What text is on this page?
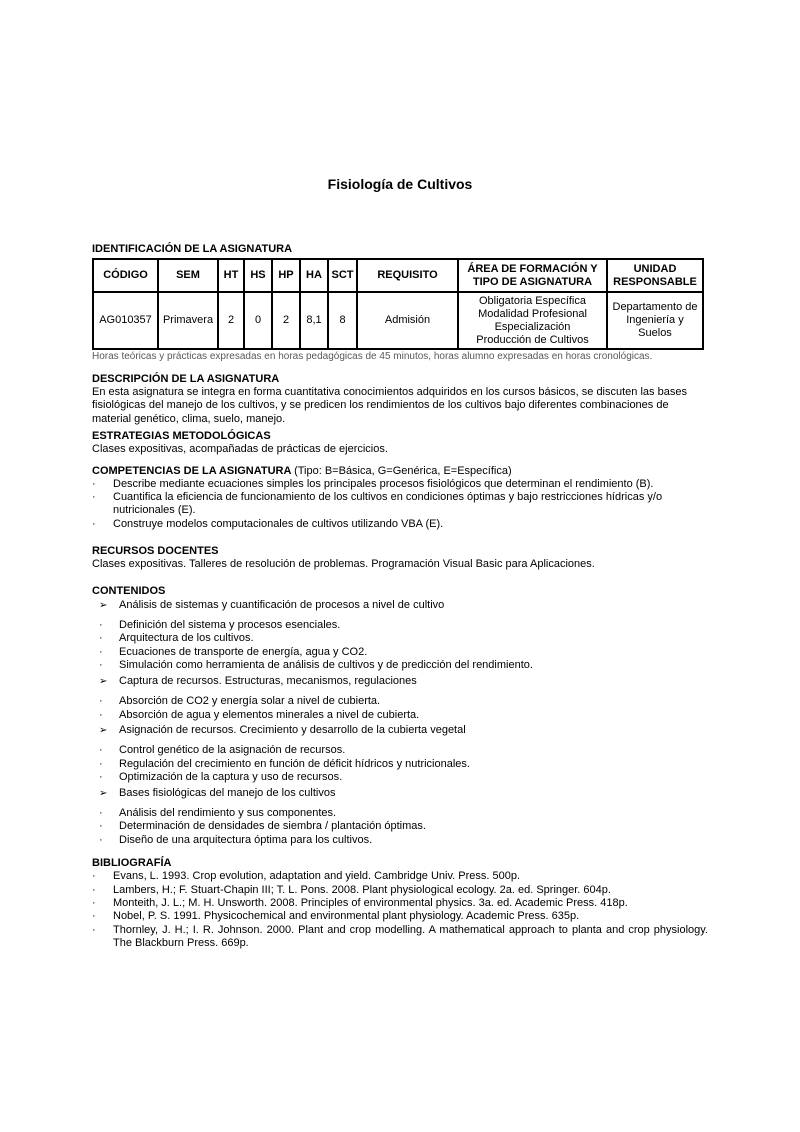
Fisiología de Cultivos
IDENTIFICACIÓN DE LA ASIGNATURA
CÓDIGO	SEM	HT	HS	HP	HA	SCT	REQUISITO	ÁREA DE FORMACIÓN Y TIPO DE ASIGNATURA	UNIDAD RESPONSABLE
AG010357	Primavera	2	0	2	8,1	8	Admisión	Obligatoria Específica
Modalidad Profesional
Especialización
Producción de Cultivos	Departamento de Ingeniería y Suelos
Horas teóricas y prácticas expresadas en horas pedagógicas de 45 minutos, horas alumno expresadas en horas cronológicas.
DESCRIPCIÓN DE LA ASIGNATURA

En esta asignatura se integra en forma cuantitativa conocimientos adquiridos en los cursos básicos, se discuten las bases fisiológicas del manejo de los cultivos, y se predicen los rendimientos de los cultivos bajo diferentes combinaciones de material genético, clima, suelo, manejo.

ESTRATEGIAS METODOLÓGICAS

Clases expositivas, acompañadas de prácticas de ejercicios.

COMPETENCIAS DE LA ASIGNATURA (Tipo: B=Básica, G=Genérica, E=Específica)
· Describe mediante ecuaciones simples los principales procesos fisiológicos que determinan el rendimiento (B).
· Cuantifica la eficiencia de funcionamiento de los cultivos en condiciones óptimas y bajo restricciones hídricas y/o nutricionales (E).
· Construye modelos computacionales de cultivos utilizando VBA (E).
RECURSOS DOCENTES

Clases expositivas. Talleres de resolución de problemas. Programación Visual Basic para Aplicaciones.

CONTENIDOS
➢ Análisis de sistemas y cuantificación de procesos a nivel de cultivo
· Definición del sistema y procesos esenciales.
· Arquitectura de los cultivos.
· Ecuaciones de transporte de energía, agua y CO2.
· Simulación como herramienta de análisis de cultivos y de predicción del rendimiento.
➢ Captura de recursos. Estructuras, mecanismos, regulaciones
· Absorción de CO2 y energía solar a nivel de cubierta.
· Absorción de agua y elementos minerales a nivel de cubierta.
➢ Asignación de recursos. Crecimiento y desarrollo de la cubierta vegetal
· Control genético de la asignación de recursos.
· Regulación del crecimiento en función de déficit hídricos y nutricionales.
· Optimización de la captura y uso de recursos.
➢ Bases fisiológicas del manejo de los cultivos
· Análisis del rendimiento y sus componentes.
· Determinación de densidades de siembra / plantación óptimas.
· Diseño de una arquitectura óptima para los cultivos.
BIBLIOGRAFÍA
· Evans, L. 1993. Crop evolution, adaptation and yield. Cambridge Univ. Press. 500p.
· Lambers, H.; F. Stuart-Chapin III; T. L. Pons. 2008. Plant physiological ecology. 2a. ed. Springer. 604p.
· Monteith, J. L.; M. H. Unsworth. 2008. Principles of environmental physics. 3a. ed. Academic Press. 418p.
· Nobel, P. S. 1991. Physicochemical and environmental plant physiology. Academic Press. 635p.
· Thornley, J. H.; I. R. Johnson. 2000. Plant and crop modelling. A mathematical approach to planta and crop physiology. The Blackburn Press. 669p.
